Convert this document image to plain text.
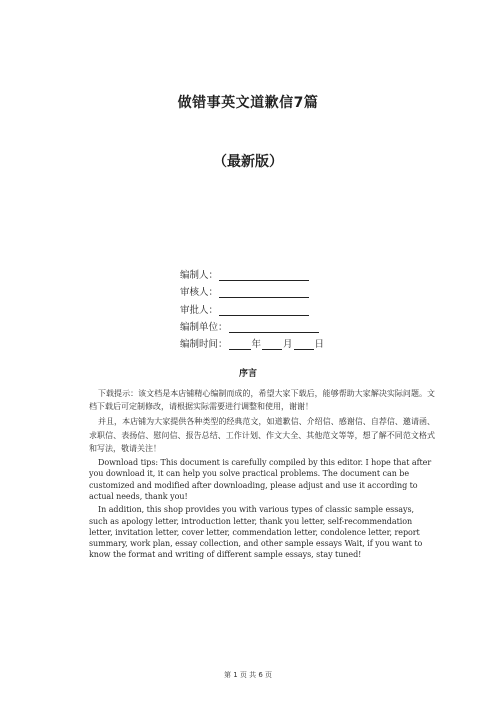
做错事英文道歉信7篇
（最新版）
编制人：
审核人：
审批人：
编制单位：
编制时间：	年 月 日
序言

下载提示：该文档是本店铺精心编制而成的，希望大家下载后，能够帮助大家解决实际问题。文档下载后可定制修改，请根据实际需要进行调整和使用，谢谢！

并且，本店铺为大家提供各种类型的经典范文，如道歉信、介绍信、感谢信、自荐信、邀请函、求职信、表扬信、慰问信、报告总结、工作计划、作文大全、其他范文等等，想了解不同范文格式和写法，敬请关注！

Download tips: This document is carefully compiled by this editor. I hope that after you download it, it can help you solve practical problems. The document can be customized and modified after downloading, please adjust and use it according to actual needs, thank you!

In addition, this shop provides you with various types of classic sample essays, such as apology letter, introduction letter, thank you letter, self-recommendation letter, invitation letter, cover letter, commendation letter, condolence letter, report summary, work plan, essay collection, and other sample essays Wait, if you want to know the format and writing of different sample essays, stay tuned!

第 1 页 共 6 页
